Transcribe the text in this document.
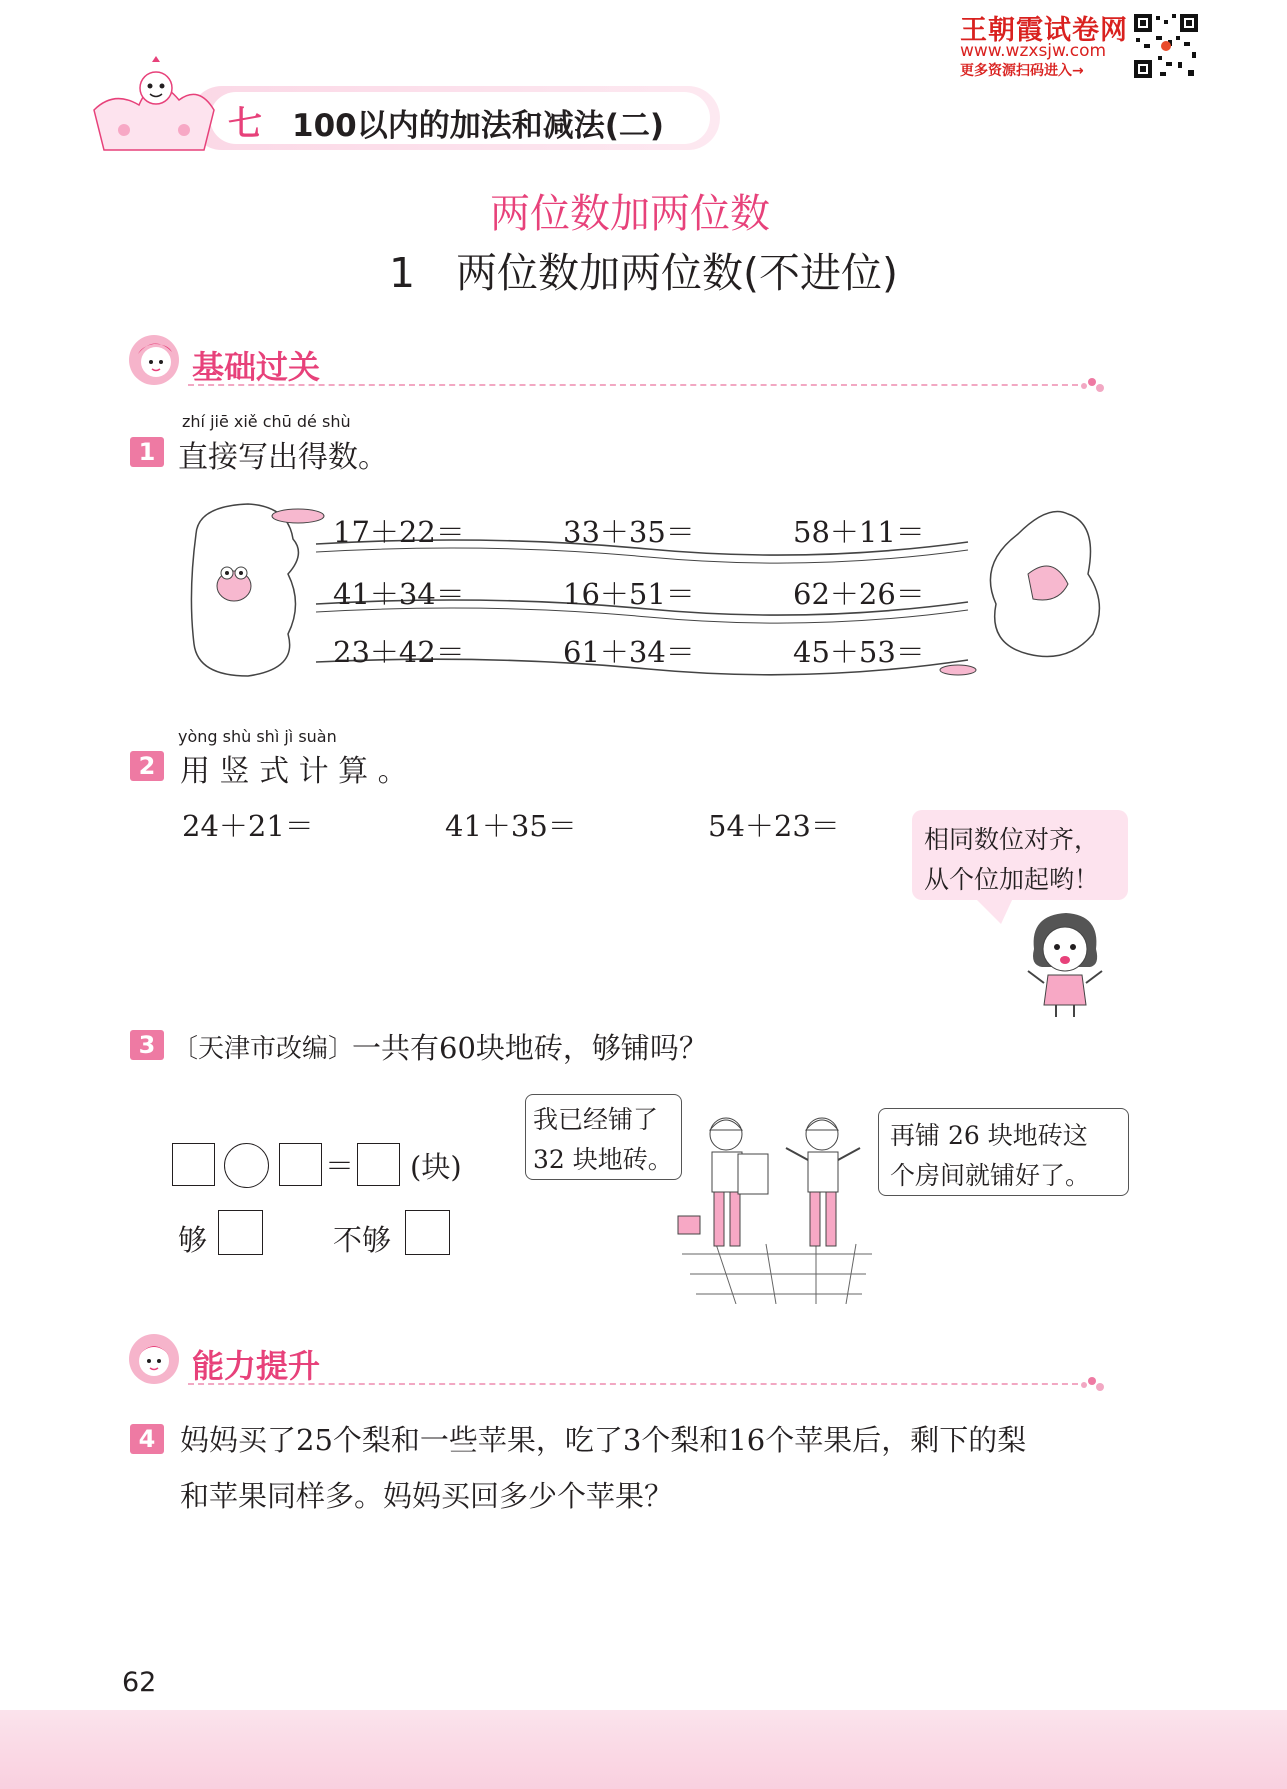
王朝霞试卷网
www.wzxsjw.com
更多资源扫码进入→
七 100以内的加法和减法(二)
两位数加两位数
1　两位数加两位数(不进位)
基础过关
zhí jiē xiě chū dé shù
1 直接写出得数。
17＋22＝	33＋35＝	58＋11＝
41＋34＝	16＋51＝	62＋26＝
23＋42＝	61＋34＝	45＋53＝
yòng shù shì jì suàn
2 用 竖 式 计 算 。
24＋21＝	41＋35＝	54＋23＝	相同数位对齐，
从个位加起哟！
3 〔天津市改编〕
一共有60块地砖，够铺吗？
＝ (块)
够	不够
我已经铺了
32 块地砖。
再铺 26 块地砖这
个房间就铺好了。
能力提升
4 妈妈买了25个梨和一些苹果，吃了3个梨和16个苹果后，剩下的梨
和苹果同样多。妈妈买回多少个苹果？
62
